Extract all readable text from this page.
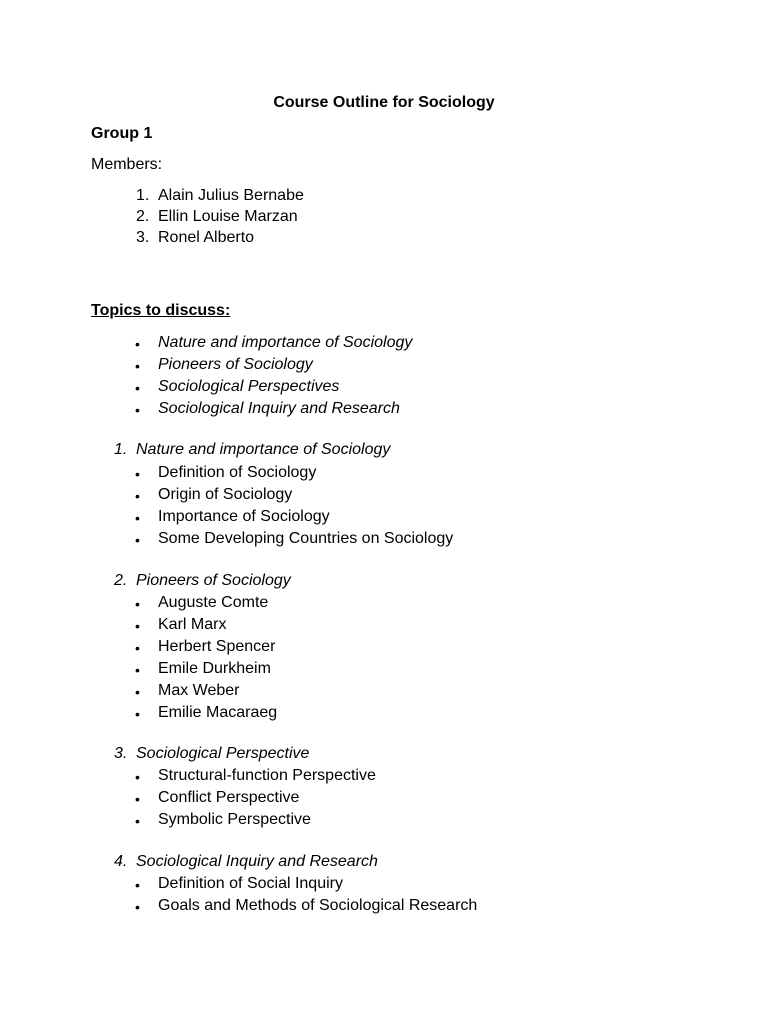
Course Outline for Sociology
Group 1
Members:
1. Alain Julius Bernabe
2. Ellin Louise Marzan
3. Ronel Alberto
Topics to discuss:
• Nature and importance of Sociology
• Pioneers of Sociology
• Sociological Perspectives
• Sociological Inquiry and Research
1. Nature and importance of Sociology
• Definition of Sociology
• Origin of Sociology
• Importance of Sociology
• Some Developing Countries on Sociology
2. Pioneers of Sociology
• Auguste Comte
• Karl Marx
• Herbert Spencer
• Emile Durkheim
• Max Weber
• Emilie Macaraeg
3. Sociological Perspective
• Structural-function Perspective
• Conflict Perspective
• Symbolic Perspective
4. Sociological Inquiry and Research
• Definition of Social Inquiry
• Goals and Methods of Sociological Research
